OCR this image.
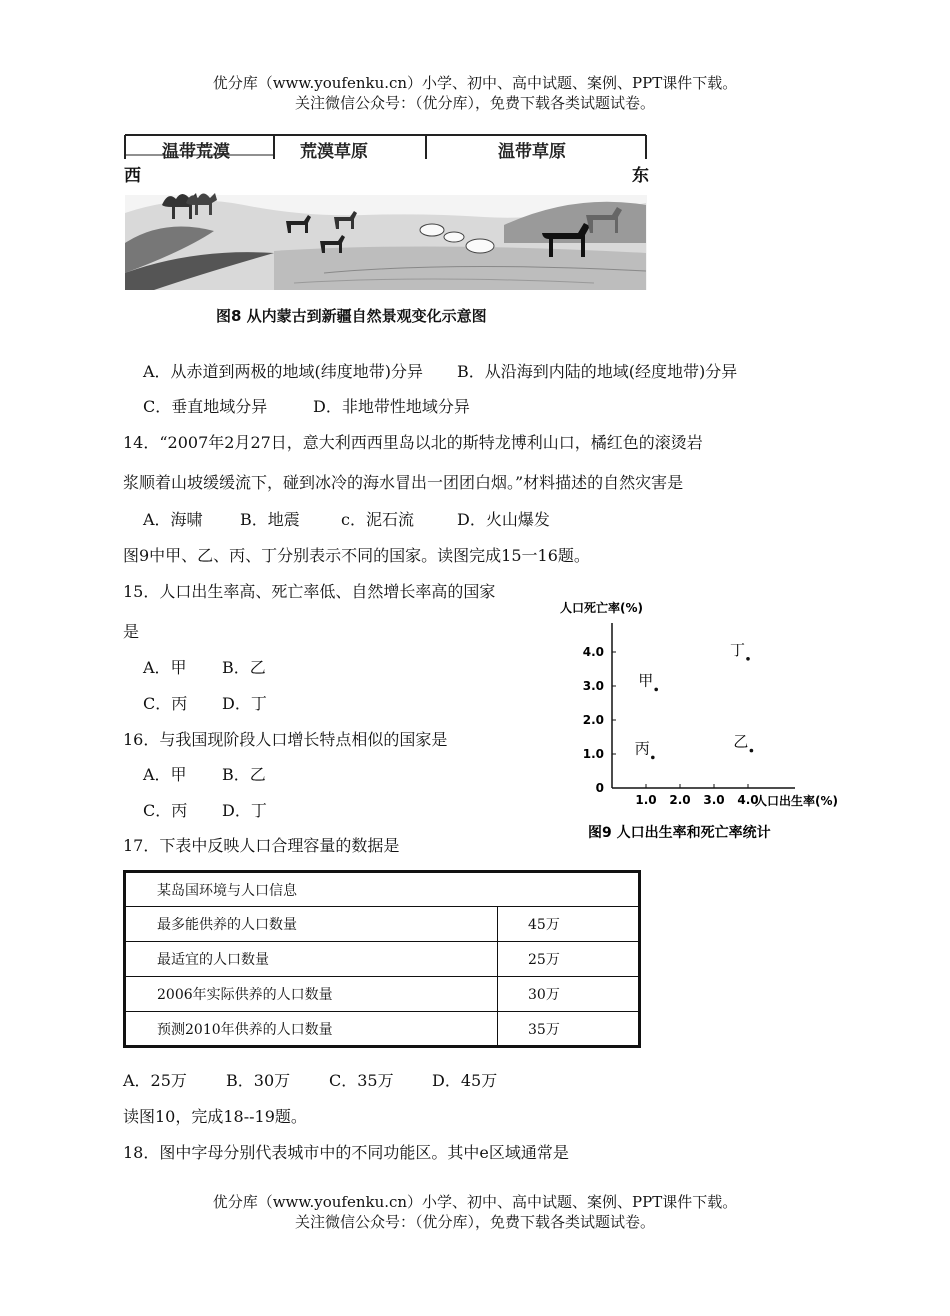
优分库（www.youfenku.cn）小学、初中、高中试题、案例、PPT课件下载。
关注微信公众号：（优分库），免费下载各类试题试卷。
温带荒漠	荒漠草原	温带草原
西	东
图8 从内蒙古到新疆自然景观变化示意图
A．从赤道到两极的地域(纬度地带)分异 B．从沿海到内陆的地域(经度地带)分异
C．垂直地域分异	D．非地带性地域分异
14．“2007年2月27日，意大利西西里岛以北的斯特龙博利山口，橘红色的滚烫岩
浆顺着山坡缓缓流下，碰到冰冷的海水冒出一团团白烟。”材料描述的自然灾害是
A．海啸 B．地震	c．泥石流	D．火山爆发
图9中甲、乙、丙、丁分别表示不同的国家。读图完成15一16题。
15．人口出生率高、死亡率低、自然增长率高的国家
是
A．甲 B．乙
C．丙 D．丁
16．与我国现阶段人口增长特点相似的国家是
A．甲 B．乙
C．丙 D．丁
人口死亡率(%)
人口出生率(%)
图9 人口出生率和死亡率统计
0
1.0
2.0
3.0
4.0
1.0 2.0 3.0 4.0
甲
乙
丙
丁
17．下表中反映人口合理容量的数据是
某岛国环境与人口信息	
最多能供养的人口数量	45万
最适宜的人口数量	25万
2006年实际供养的人口数量	30万
预测2010年供养的人口数量	35万
A．25万 B．30万 C．35万 D．45万
读图10，完成18--19题。
18．图中字母分别代表城市中的不同功能区。其中e区域通常是
优分库（www.youfenku.cn）小学、初中、高中试题、案例、PPT课件下载。
关注微信公众号：（优分库），免费下载各类试题试卷。
